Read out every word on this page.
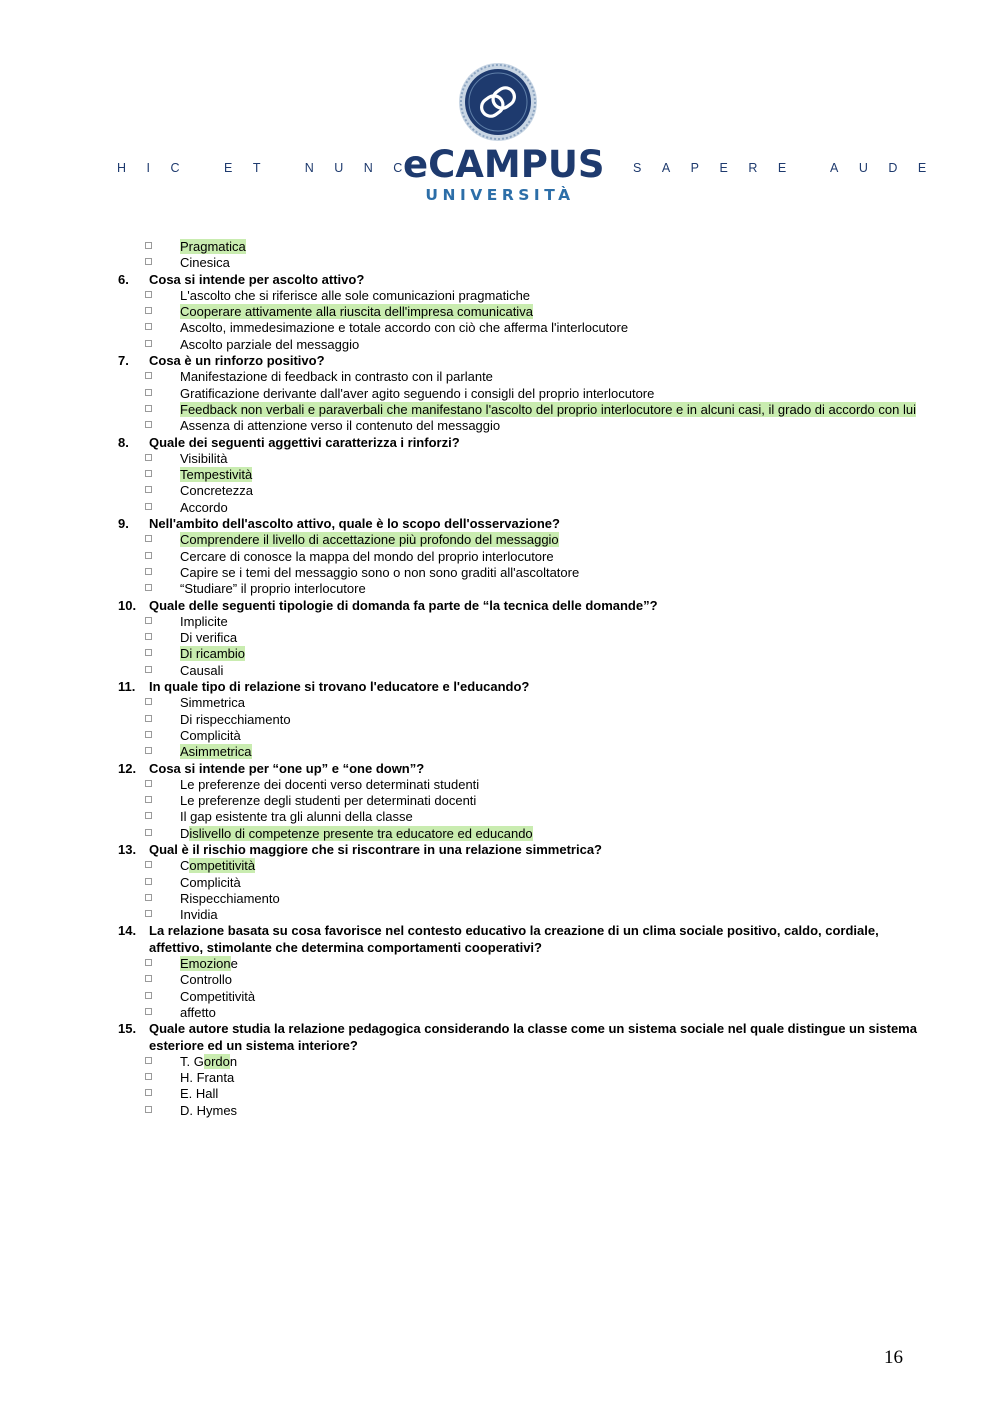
HIC ET NUNC
eCAMPUS
UNIVERSITÀ
SAPERE AUDE
Pragmatica
Cinesica
6. Cosa si intende per ascolto attivo?
L'ascolto che si riferisce alle sole comunicazioni pragmatiche
Cooperare attivamente alla riuscita dell'impresa comunicativa
Ascolto, immedesimazione e totale accordo con ciò che afferma l'interlocutore
Ascolto parziale del messaggio
7. Cosa è un rinforzo positivo?
Manifestazione di feedback in contrasto con il parlante
Gratificazione derivante dall'aver agito seguendo i consigli del proprio interlocutore
Feedback non verbali e paraverbali che manifestano l'ascolto del proprio interlocutore e in alcuni casi, il grado di accordo con lui
Assenza di attenzione verso il contenuto del messaggio
8. Quale dei seguenti aggettivi caratterizza i rinforzi?
Visibilità
Tempestività
Concretezza
Accordo
9. Nell'ambito dell'ascolto attivo, quale è lo scopo dell'osservazione?
Comprendere il livello di accettazione più profondo del messaggio
Cercare di conosce la mappa del mondo del proprio interlocutore
Capire se i temi del messaggio sono o non sono graditi all'ascoltatore
“Studiare” il proprio interlocutore
10. Quale delle seguenti tipologie di domanda fa parte de “la tecnica delle domande”?
Implicite
Di verifica
Di ricambio
Causali
11. In quale tipo di relazione si trovano l'educatore e l'educando?
Simmetrica
Di rispecchiamento
Complicità
Asimmetrica
12. Cosa si intende per “one up” e “one down”?
Le preferenze dei docenti verso determinati studenti
Le preferenze degli studenti per determinati docenti
Il gap esistente tra gli alunni della classe
Dislivello di competenze presente tra educatore ed educando
13. Qual è il rischio maggiore che si riscontrare in una relazione simmetrica?
Competitività
Complicità
Rispecchiamento
Invidia
14. La relazione basata su cosa favorisce nel contesto educativo la creazione di un clima sociale positivo, caldo, cordiale, affettivo, stimolante che determina comportamenti cooperativi?
Emozione
Controllo
Competitività
affetto
15. Quale autore studia la relazione pedagogica considerando la classe come un sistema sociale nel quale distingue un sistema esteriore ed un sistema interiore?
T. Gordon
H. Franta
E. Hall
D. Hymes
16
